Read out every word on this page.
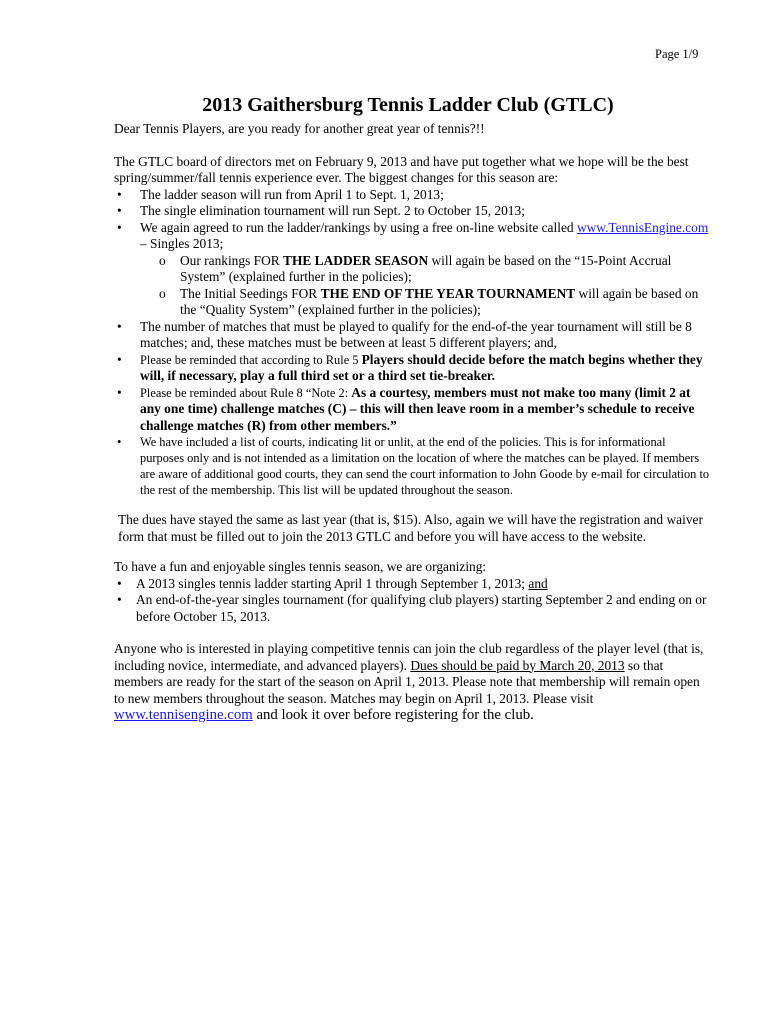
Page 1/9
2013 Gaithersburg Tennis Ladder Club (GTLC)

Dear Tennis Players, are you ready for another great year of tennis?!!

The GTLC board of directors met on February 9, 2013 and have put together what we hope will be the best spring/summer/fall tennis experience ever. The biggest changes for this season are:

• The ladder season will run from April 1 to Sept. 1, 2013;
• The single elimination tournament will run Sept. 2 to October 15, 2013;
• We again agreed to run the ladder/rankings by using a free on-line website called www.TennisEngine.com – Singles 2013;
o Our rankings FOR THE LADDER SEASON will again be based on the “15-Point Accrual System” (explained further in the policies);
o The Initial Seedings FOR THE END OF THE YEAR TOURNAMENT will again be based on the “Quality System” (explained further in the policies);
• The number of matches that must be played to qualify for the end-of-the year tournament will still be 8 matches; and, these matches must be between at least 5 different players; and,
• Please be reminded that according to Rule 5 Players should decide before the match begins whether they will, if necessary, play a full third set or a third set tie-breaker.
• Please be reminded about Rule 8 “Note 2: As a courtesy, members must not make too many (limit 2 at any one time) challenge matches (C) – this will then leave room in a member’s schedule to receive challenge matches (R) from other members.”
• We have included a list of courts, indicating lit or unlit, at the end of the policies. This is for informational purposes only and is not intended as a limitation on the location of where the matches can be played. If members are aware of additional good courts, they can send the court information to John Goode by e-mail for circulation to the rest of the membership. This list will be updated throughout the season.

The dues have stayed the same as last year (that is, $15). Also, again we will have the registration and waiver form that must be filled out to join the 2013 GTLC and before you will have access to the website.

To have a fun and enjoyable singles tennis season, we are organizing:

• A 2013 singles tennis ladder starting April 1 through September 1, 2013; and
• An end-of-the-year singles tournament (for qualifying club players) starting September 2 and ending on or before October 15, 2013.

Anyone who is interested in playing competitive tennis can join the club regardless of the player level (that is, including novice, intermediate, and advanced players). Dues should be paid by March 20, 2013 so that members are ready for the start of the season on April 1, 2013. Please note that membership will remain open to new members throughout the season. Matches may begin on April 1, 2013. Please visit www.tennisengine.com and look it over before registering for the club.
